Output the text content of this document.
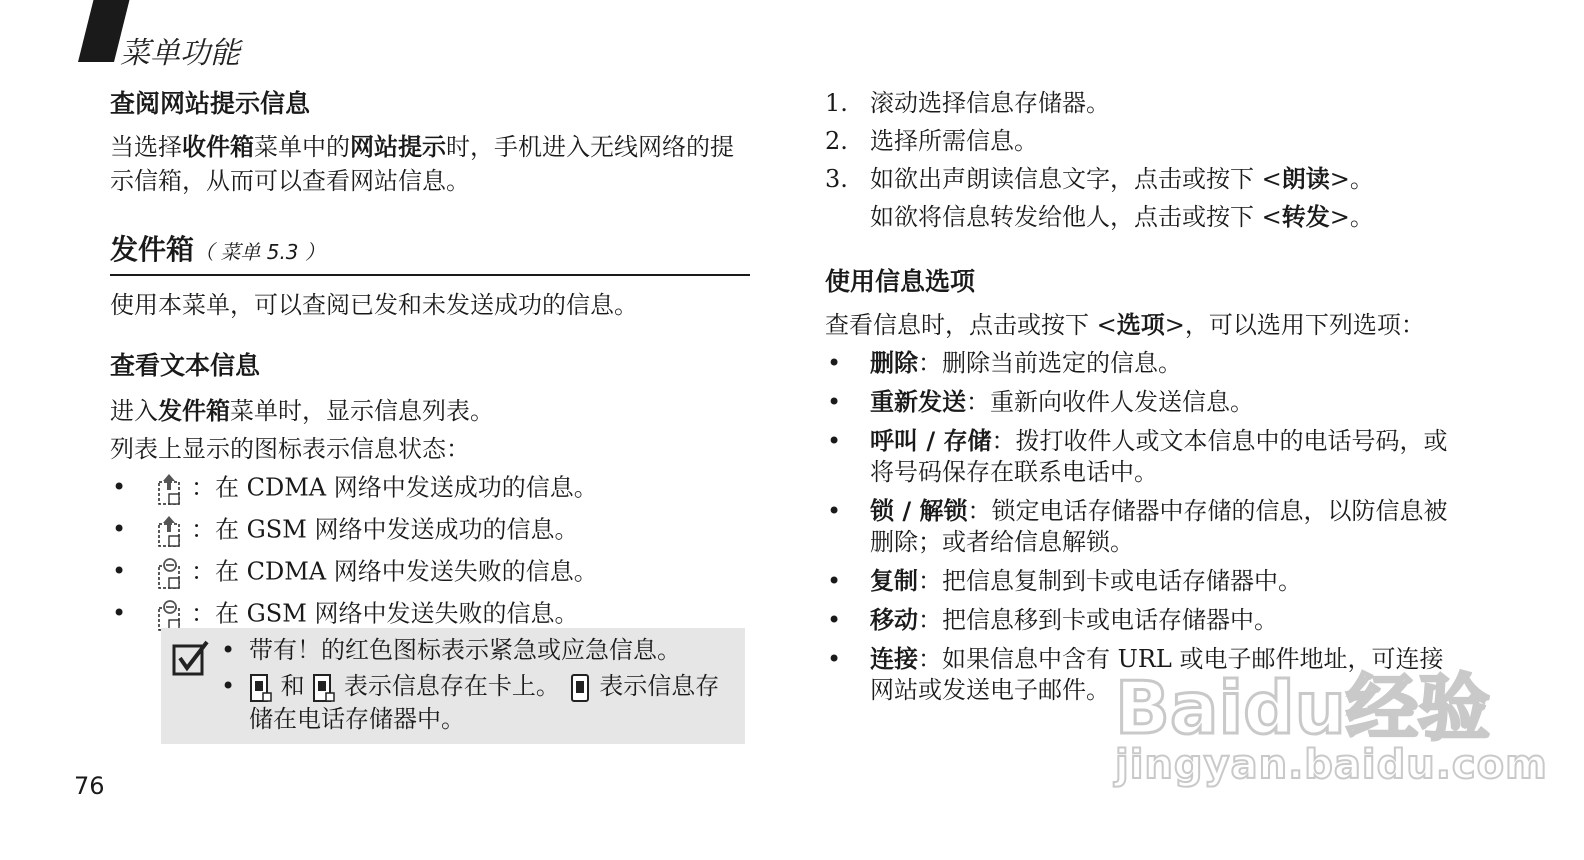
菜单功能
查阅网站提示信息

当选择收件箱菜单中的网站提示时，手机进入无线网络的提示信箱，从而可以查看网站信息。

发件箱（ 菜单 5.3 ）

使用本菜单，可以查阅已发和未发送成功的信息。

查看文本信息

进入发件箱菜单时，显示信息列表。

列表上显示的图标表示信息状态：

•	：在 CDMA 网络中发送成功的信息。
•	：在 GSM 网络中发送成功的信息。
•	：在 CDMA 网络中发送失败的信息。
•	：在 GSM 网络中发送失败的信息。
• 带有！的红色图标表示紧急或应急信息。
• 和 表示信息存在卡上。 表示信息存储在电话存储器中。
1. 滚动选择信息存储器。
2. 选择所需信息。
3. 如欲出声朗读信息文字，点击或按下 <朗读>。
如欲将信息转发给他人，点击或按下 <转发>。
使用信息选项

查看信息时，点击或按下 <选项>，可以选用下列选项：

• 删除：删除当前选定的信息。
• 重新发送：重新向收件人发送信息。
• 呼叫 / 存储：拨打收件人或文本信息中的电话号码，或将号码保存在联系电话中。
• 锁 / 解锁：锁定电话存储器中存储的信息，以防信息被删除；或者给信息解锁。
• 复制：把信息复制到卡或电话存储器中。
• 移动：把信息移到卡或电话存储器中。
• 连接：如果信息中含有 URL 或电子邮件地址，可连接网站或发送电子邮件。 Baidu经验
jingyan.baidu.com
76
